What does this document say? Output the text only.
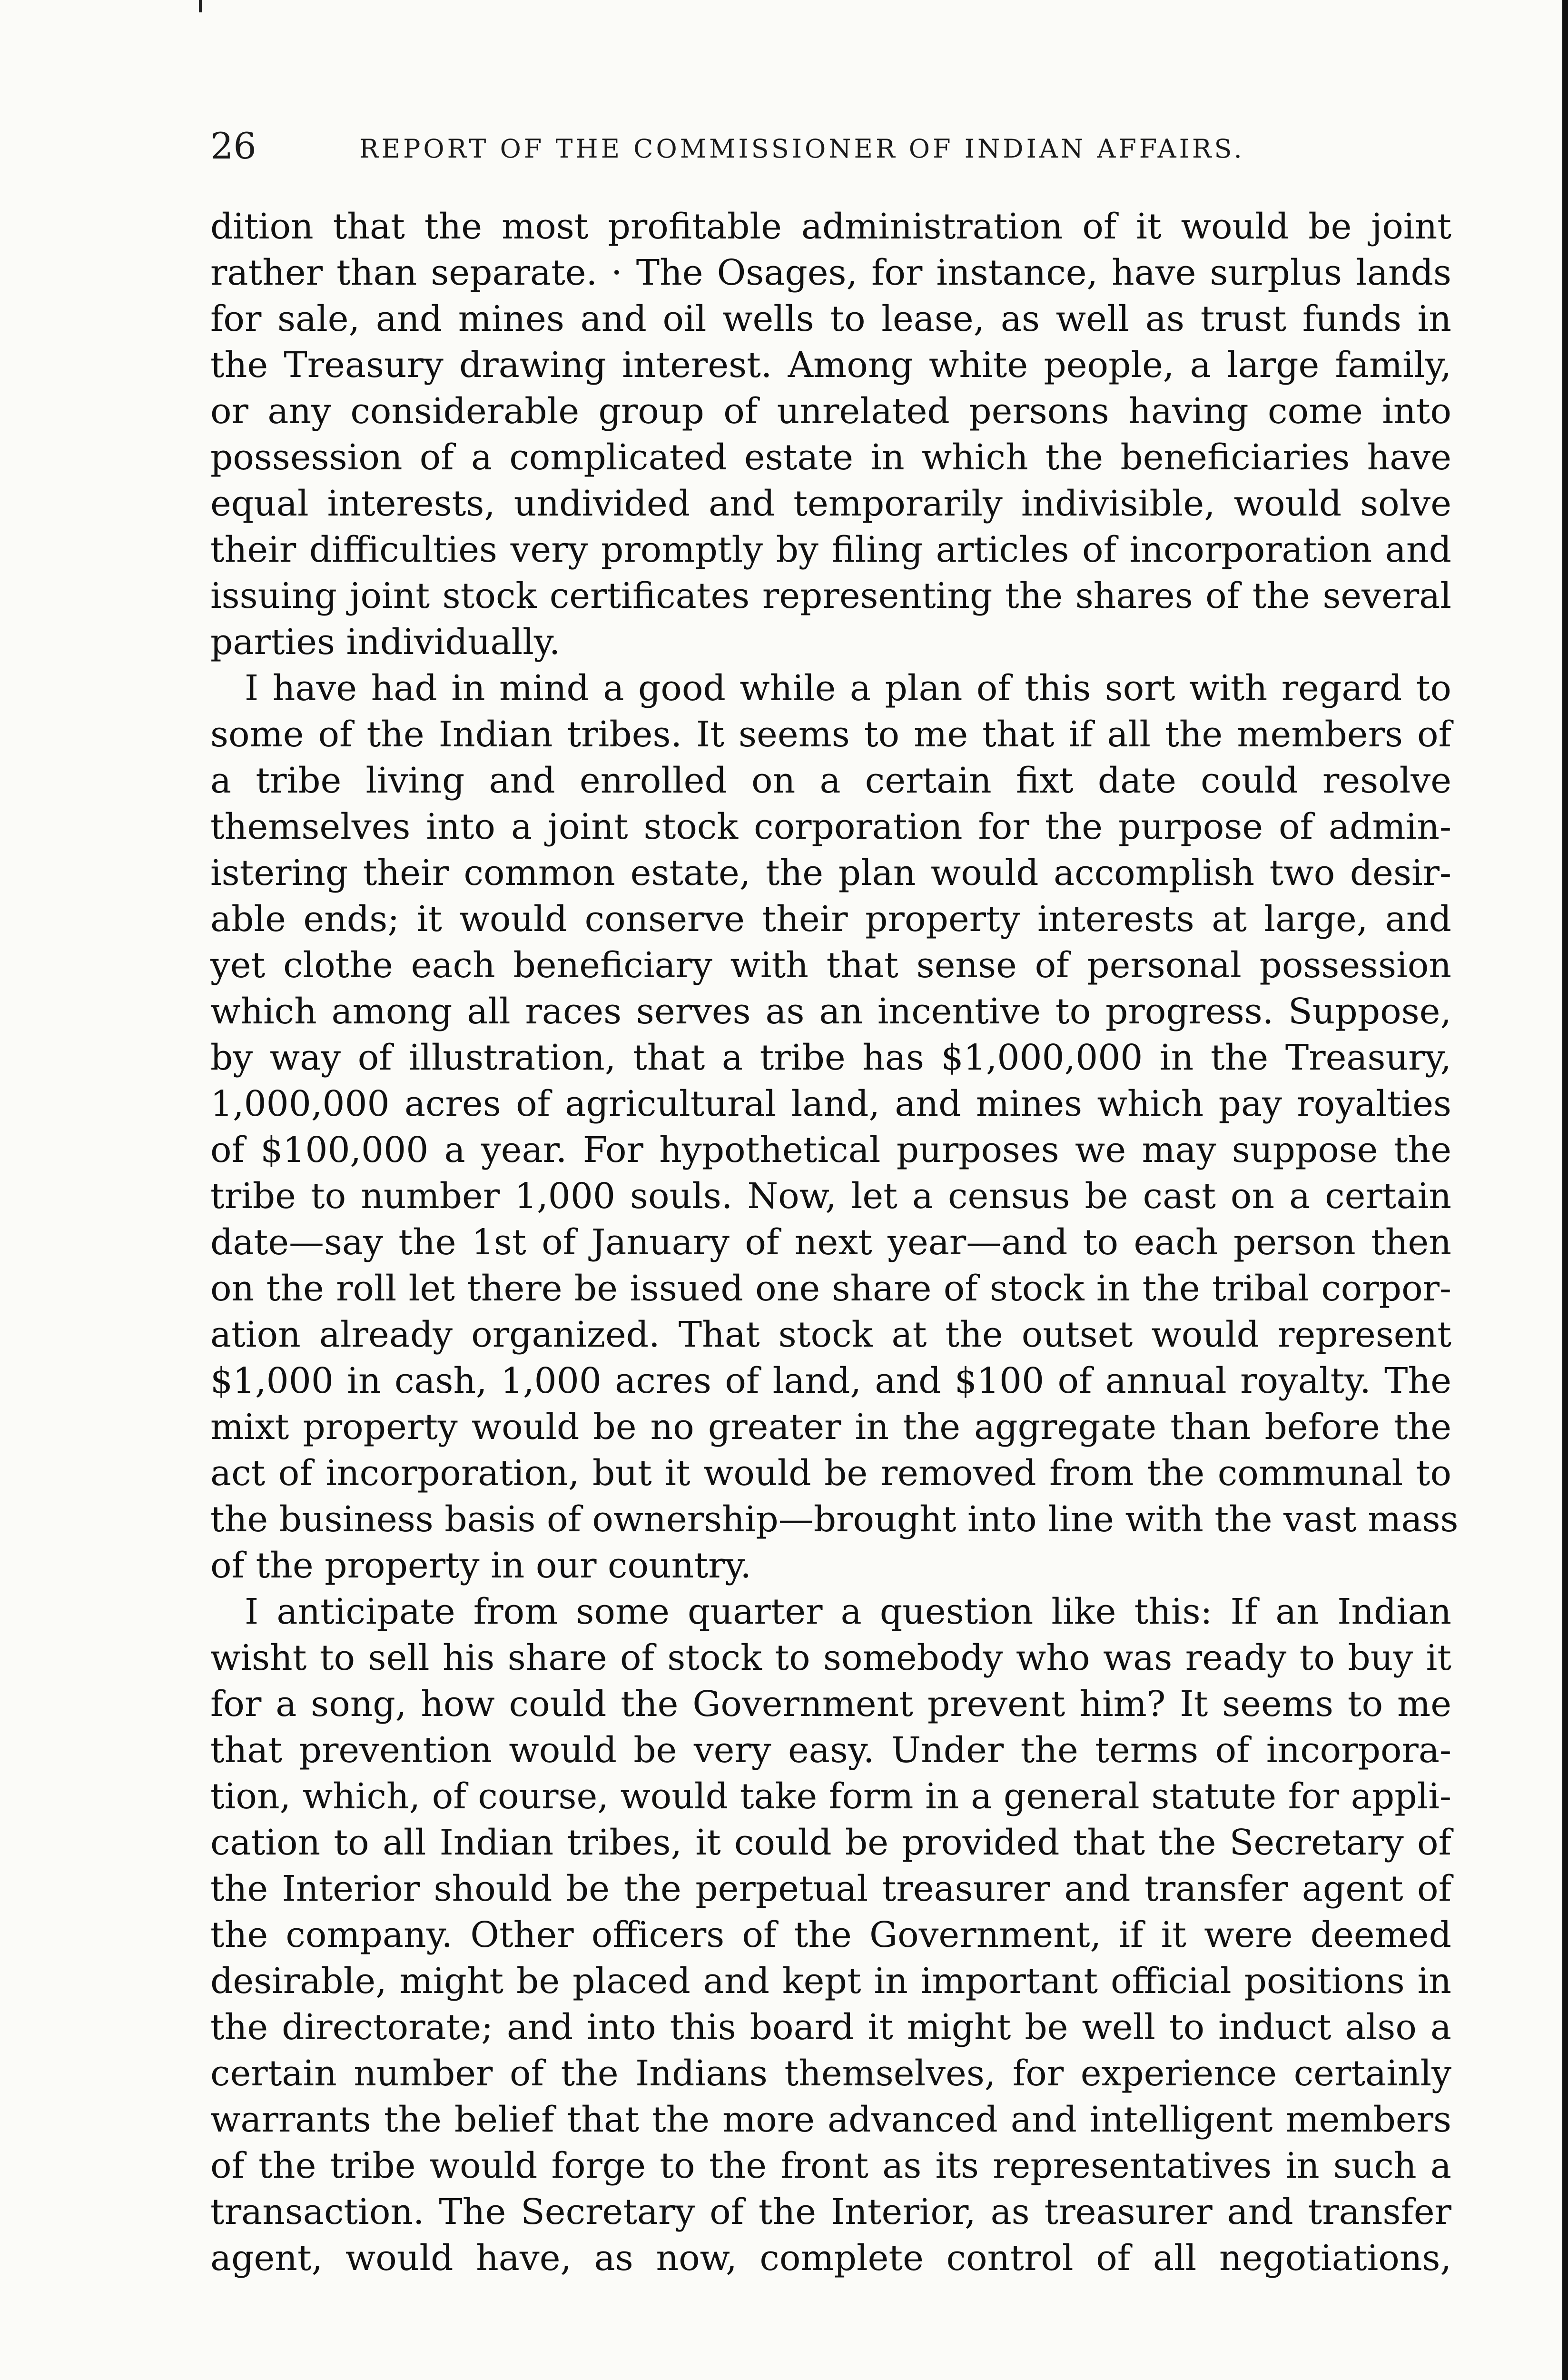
26	REPORT OF THE COMMISSIONER OF INDIAN AFFAIRS.

dition that the most profitable administration of it would be joint
rather than separate. · The Osages, for instance, have surplus lands
for sale, and mines and oil wells to lease, as well as trust funds in
the Treasury drawing interest. Among white people, a large family,
or any considerable group of unrelated persons having come into
possession of a complicated estate in which the beneficiaries have
equal interests, undivided and temporarily indivisible, would solve
their difficulties very promptly by filing articles of incorporation and
issuing joint stock certificates representing the shares of the several
parties individually.

I have had in mind a good while a plan of this sort with regard to
some of the Indian tribes. It seems to me that if all the members of
a tribe living and enrolled on a certain fixt date could resolve
themselves into a joint stock corporation for the purpose of admin-
istering their common estate, the plan would accomplish two desir-
able ends; it would conserve their property interests at large, and
yet clothe each beneficiary with that sense of personal possession
which among all races serves as an incentive to progress. Suppose,
by way of illustration, that a tribe has $1,000,000 in the Treasury,
1,000,000 acres of agricultural land, and mines which pay royalties
of $100,000 a year. For hypothetical purposes we may suppose the
tribe to number 1,000 souls. Now, let a census be cast on a certain
date—say the 1st of January of next year—and to each person then
on the roll let there be issued one share of stock in the tribal corpor-
ation already organized. That stock at the outset would represent
$1,000 in cash, 1,000 acres of land, and $100 of annual royalty. The
mixt property would be no greater in the aggregate than before the
act of incorporation, but it would be removed from the communal to
the business basis of ownership—brought into line with the vast mass
of the property in our country.

I anticipate from some quarter a question like this: If an Indian
wisht to sell his share of stock to somebody who was ready to buy it
for a song, how could the Government prevent him? It seems to me
that prevention would be very easy. Under the terms of incorpora-
tion, which, of course, would take form in a general statute for appli-
cation to all Indian tribes, it could be provided that the Secretary of
the Interior should be the perpetual treasurer and transfer agent of
the company. Other officers of the Government, if it were deemed
desirable, might be placed and kept in important official positions in
the directorate; and into this board it might be well to induct also a
certain number of the Indians themselves, for experience certainly
warrants the belief that the more advanced and intelligent members
of the tribe would forge to the front as its representatives in such a
transaction. The Secretary of the Interior, as treasurer and transfer
agent, would have, as now, complete control of all negotiations,
